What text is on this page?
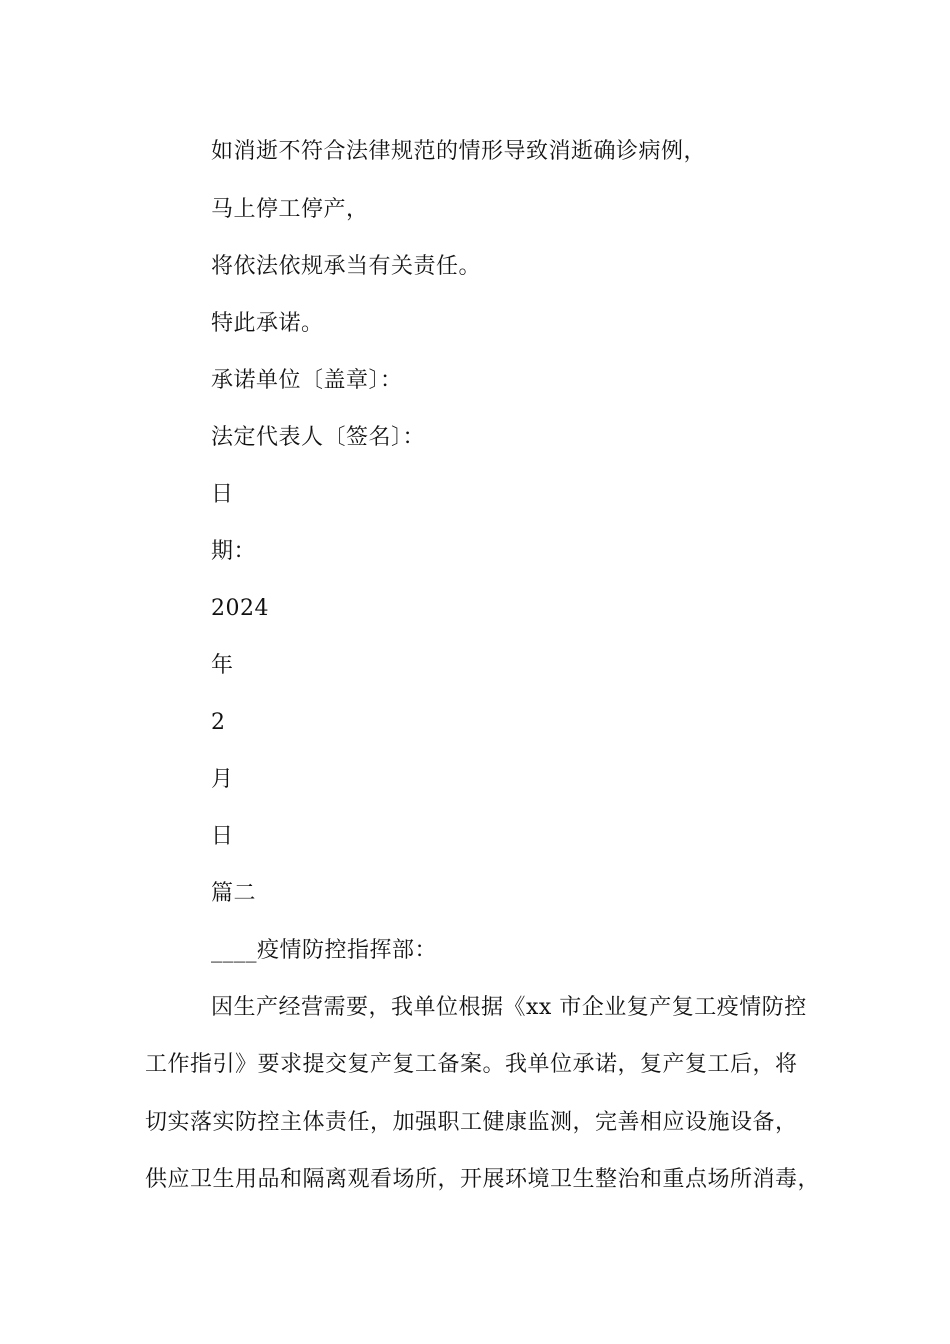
如消逝不符合法律规范的情形导致消逝确诊病例，
马上停工停产，
将依法依规承当有关责任。
特此承诺。
承诺单位〔盖章〕：
法定代表人〔签名〕：
日
期：
2024
年
2
月
日
篇二
____疫情防控指挥部：
因生产经营需要，我单位根据《xx 市企业复产复工疫情防控
工作指引》要求提交复产复工备案。我单位承诺，复产复工后，将
切实落实防控主体责任，加强职工健康监测，完善相应设施设备，
供应卫生用品和隔离观看场所，开展环境卫生整治和重点场所消毒，
